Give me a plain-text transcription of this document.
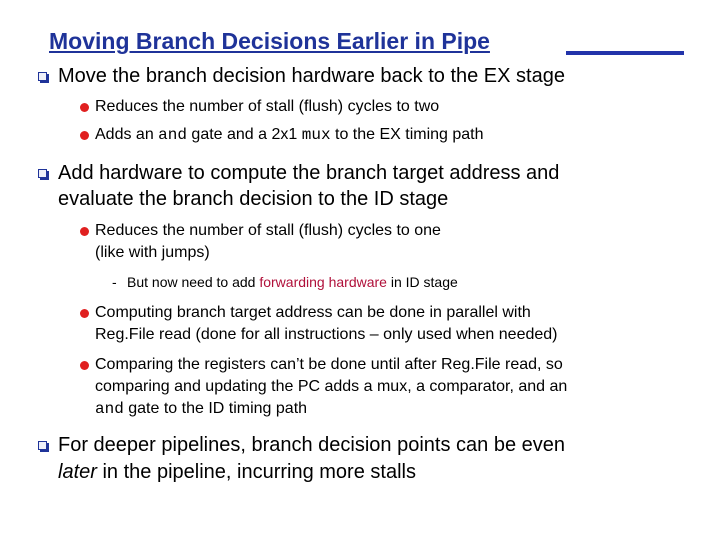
Moving Branch Decisions Earlier in Pipe

Move the branch decision hardware back to the EX stage

Reduces the number of stall (flush) cycles to two

Adds an and gate and a 2x1 mux to the EX timing path

Add hardware to compute the branch target address and

evaluate the branch decision to the ID stage

Reduces the number of stall (flush) cycles to one

(like with jumps)

- But now need to add forwarding hardware in ID stage

Computing branch target address can be done in parallel with

Reg.File read (done for all instructions – only used when needed)

Comparing the registers can’t be done until after Reg.File read, so

comparing and updating the PC adds a mux, a comparator, and an

and gate to the ID timing path

For deeper pipelines, branch decision points can be even

later in the pipeline, incurring more stalls
